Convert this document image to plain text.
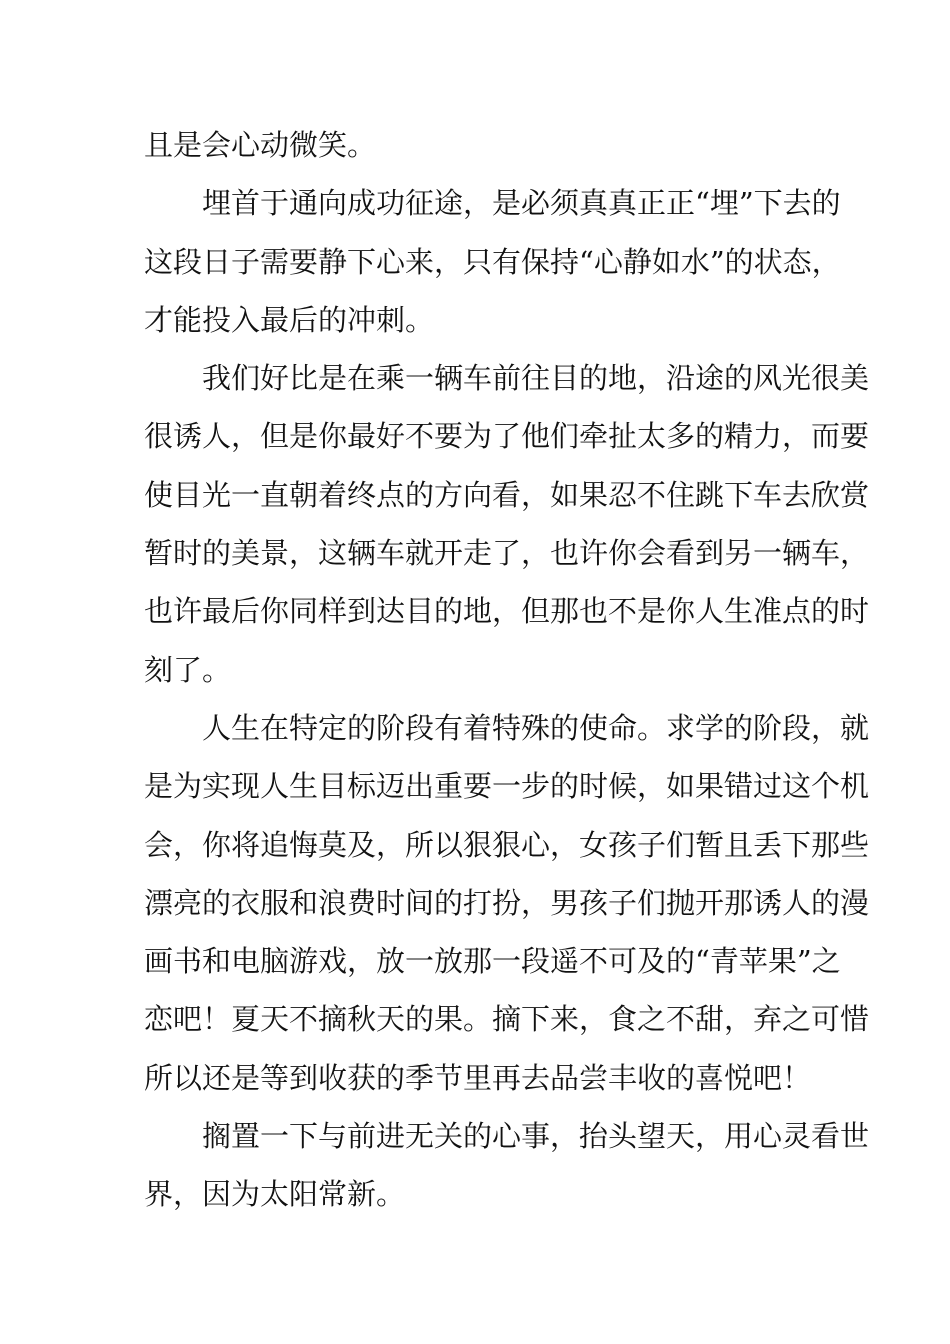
且是会心动微笑。
埋首于通向成功征途，是必须真真正正“埋”下去的
这段日子需要静下心来，只有保持“心静如水”的状态，
才能投入最后的冲刺。
我们好比是在乘一辆车前往目的地，沿途的风光很美
很诱人，但是你最好不要为了他们牵扯太多的精力，而要
使目光一直朝着终点的方向看，如果忍不住跳下车去欣赏
暂时的美景，这辆车就开走了，也许你会看到另一辆车，
也许最后你同样到达目的地，但那也不是你人生准点的时
刻了。
人生在特定的阶段有着特殊的使命。求学的阶段，就
是为实现人生目标迈出重要一步的时候，如果错过这个机
会，你将追悔莫及，所以狠狠心，女孩子们暂且丢下那些
漂亮的衣服和浪费时间的打扮，男孩子们抛开那诱人的漫
画书和电脑游戏，放一放那一段遥不可及的“青苹果”之
恋吧！夏天不摘秋天的果。摘下来，食之不甜，弃之可惜
所以还是等到收获的季节里再去品尝丰收的喜悦吧！
搁置一下与前进无关的心事，抬头望天，用心灵看世
界，因为太阳常新。
